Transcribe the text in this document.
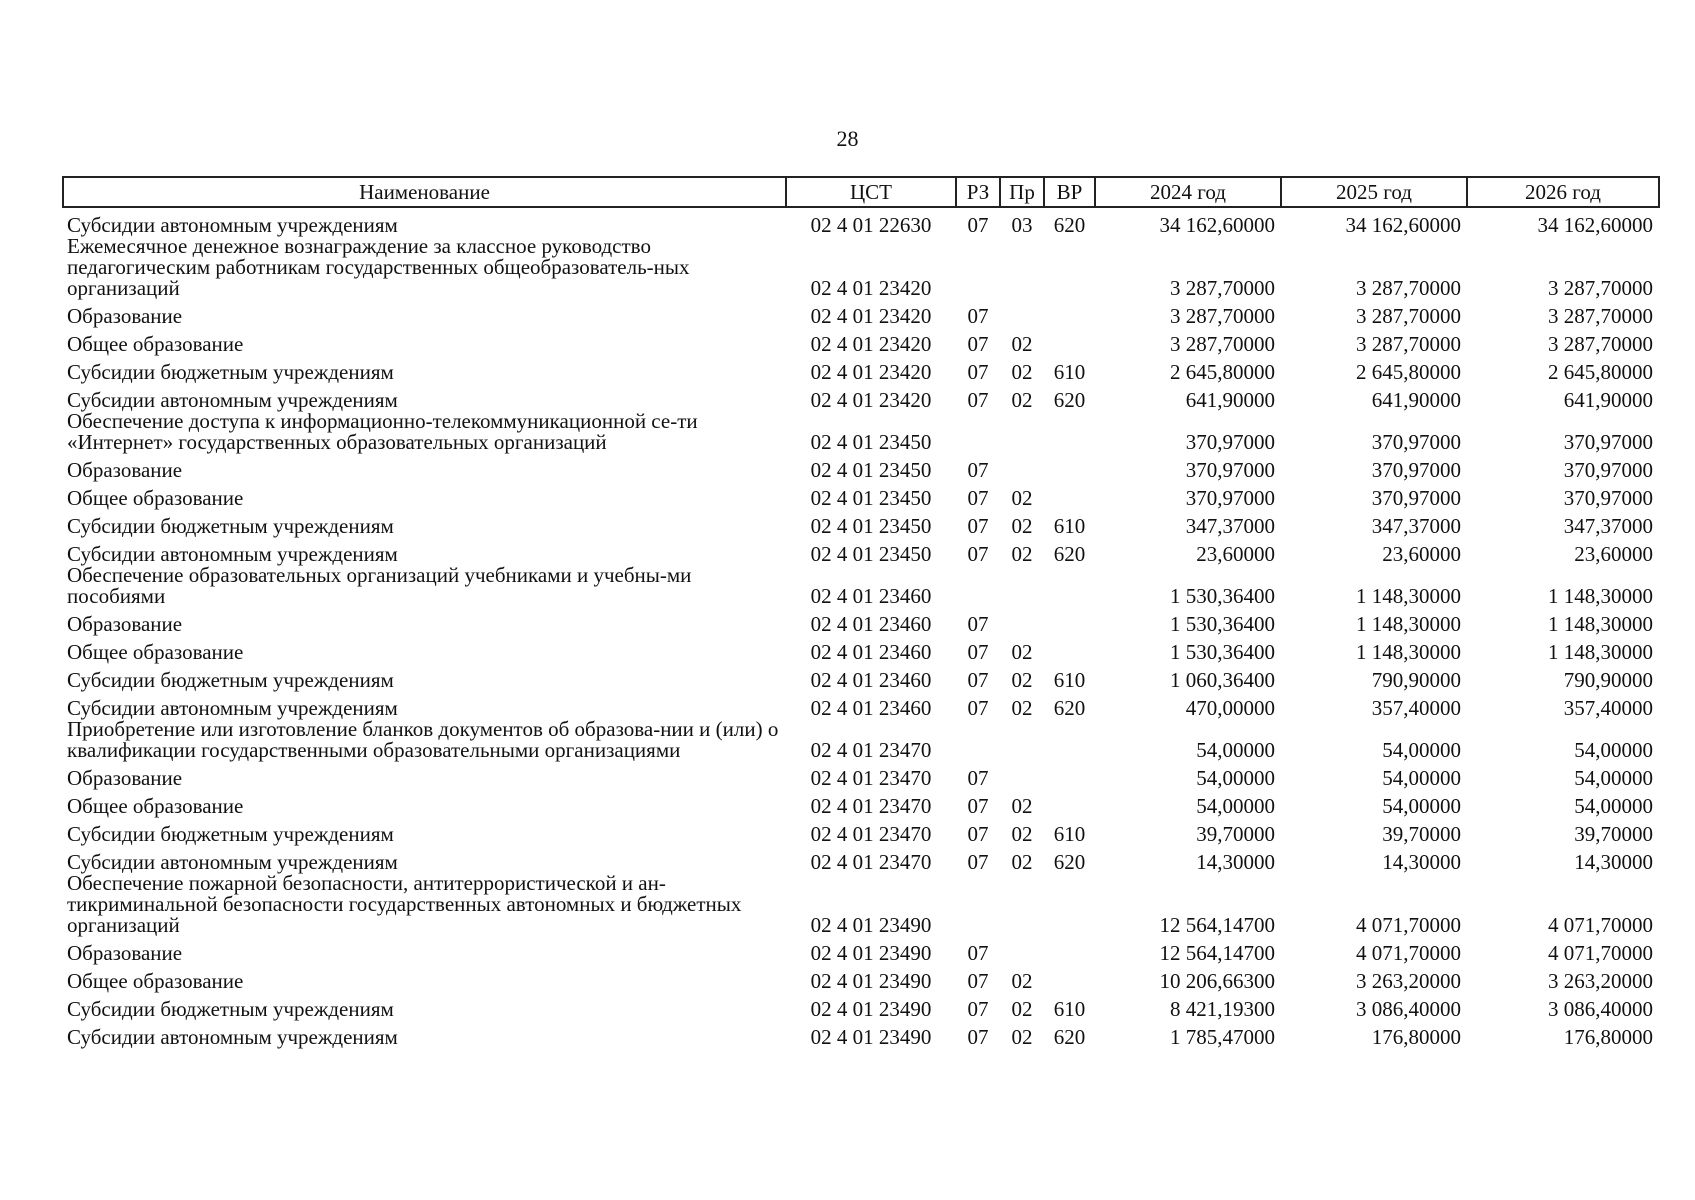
28
Наименование	ЦСТ	РЗ	Пр	ВР	2024 год	2025 год	2026 год
Субсидии автономным учреждениям	02 4 01 22630	07	03	620	34 162,60000	34 162,60000	34 162,60000
Ежемесячное денежное вознаграждение за классное руководство педагогическим работникам государственных общеобразователь-ных организаций	02 4 01 23420				3 287,70000	3 287,70000	3 287,70000
Образование	02 4 01 23420	07			3 287,70000	3 287,70000	3 287,70000
Общее образование	02 4 01 23420	07	02		3 287,70000	3 287,70000	3 287,70000
Субсидии бюджетным учреждениям	02 4 01 23420	07	02	610	2 645,80000	2 645,80000	2 645,80000
Субсидии автономным учреждениям	02 4 01 23420	07	02	620	641,90000	641,90000	641,90000
Обеспечение доступа к информационно-телекоммуникационной се-ти «Интернет» государственных образовательных организаций	02 4 01 23450				370,97000	370,97000	370,97000
Образование	02 4 01 23450	07			370,97000	370,97000	370,97000
Общее образование	02 4 01 23450	07	02		370,97000	370,97000	370,97000
Субсидии бюджетным учреждениям	02 4 01 23450	07	02	610	347,37000	347,37000	347,37000
Субсидии автономным учреждениям	02 4 01 23450	07	02	620	23,60000	23,60000	23,60000
Обеспечение образовательных организаций учебниками и учебны-ми пособиями	02 4 01 23460				1 530,36400	1 148,30000	1 148,30000
Образование	02 4 01 23460	07			1 530,36400	1 148,30000	1 148,30000
Общее образование	02 4 01 23460	07	02		1 530,36400	1 148,30000	1 148,30000
Субсидии бюджетным учреждениям	02 4 01 23460	07	02	610	1 060,36400	790,90000	790,90000
Субсидии автономным учреждениям	02 4 01 23460	07	02	620	470,00000	357,40000	357,40000
Приобретение или изготовление бланков документов об образова-нии и (или) о квалификации государственными образовательными организациями	02 4 01 23470				54,00000	54,00000	54,00000
Образование	02 4 01 23470	07			54,00000	54,00000	54,00000
Общее образование	02 4 01 23470	07	02		54,00000	54,00000	54,00000
Субсидии бюджетным учреждениям	02 4 01 23470	07	02	610	39,70000	39,70000	39,70000
Субсидии автономным учреждениям	02 4 01 23470	07	02	620	14,30000	14,30000	14,30000
Обеспечение пожарной безопасности, антитеррористической и ан-тикриминальной безопасности государственных автономных и бюджетных организаций	02 4 01 23490				12 564,14700	4 071,70000	4 071,70000
Образование	02 4 01 23490	07			12 564,14700	4 071,70000	4 071,70000
Общее образование	02 4 01 23490	07	02		10 206,66300	3 263,20000	3 263,20000
Субсидии бюджетным учреждениям	02 4 01 23490	07	02	610	8 421,19300	3 086,40000	3 086,40000
Субсидии автономным учреждениям	02 4 01 23490	07	02	620	1 785,47000	176,80000	176,80000
